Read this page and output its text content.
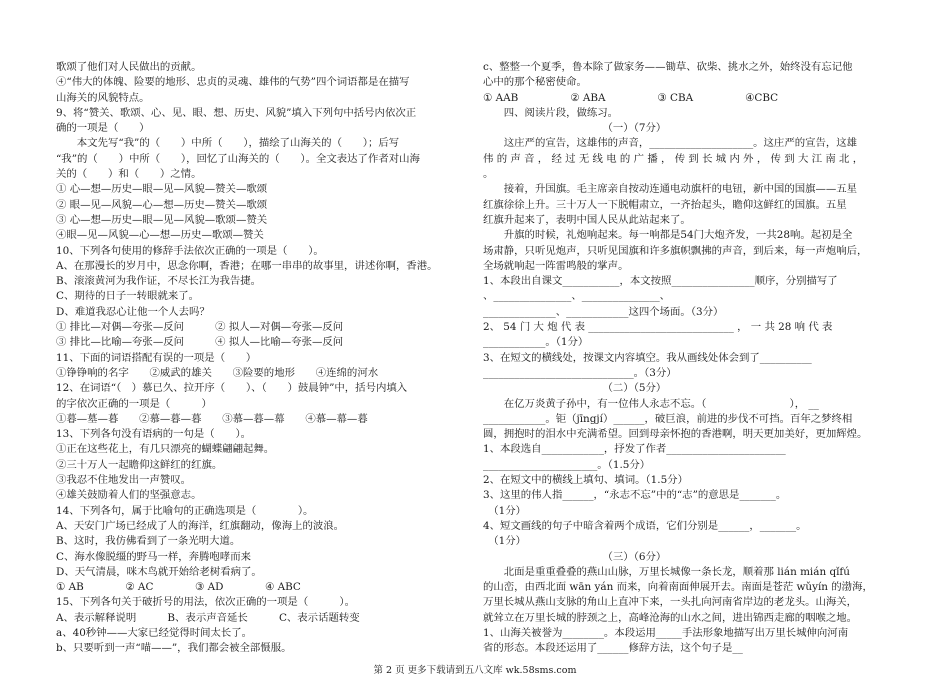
歌颂了他们对人民做出的贡献。
④“伟大的体魄、险要的地形、忠贞的灵魂、雄伟的气势”四个词语都是在描写
山海关的风貌特点。
9、将“赞关、歌颂、心、见、眼、想、历史、风貌”填入下列句中括号内依次正
确的一项是（　　）
　　本文先写“我”的（　　）中所（　　），描绘了山海关的（　　）；后写
“我”的（　　）中所（　　），回忆了山海关的（　　）。全文表达了作者对山海
关的（　　）和（　　）之情。
① 心—想—历史—眼—见—风貌—赞关—歌颂
② 眼—见—风貌—心—想—历史—赞关—歌颂
③ 心—想—历史—眼—见—风貌—歌颂—赞关
④眼—见—风貌—心—想—历史—歌颂—赞关
10、下列各句使用的修辞手法依次正确的一项是（　　）。
A、在那漫长的岁月中，思念你啊，香港；在哪一串串的故事里，讲述你啊，香港。
B、滚滚黄河为我作证，不尽长江为我告捷。
C、期待的日子一转眼就来了。
D、难道我忍心让他一个人去吗？
① 排比—对偶—夸张—反问　　　② 拟人—对偶—夸张—反问
③ 排比—比喻—夸张—反问　　　④ 拟人—比喻—夸张—反问
11、下面的词语搭配有误的一项是（　　）
①铮铮响的名字　　②威武的雄关　　③险要的地形　　④连绵的河水
12、在词语“（　）慕已久、拉开序（　　）、（　　）鼓晨钟”中，括号内填入
的字依次正确的一项是（　　　）
①暮—墓—暮　　②慕—暮—暮　　③慕—暮—幕　　④慕—幕—暮
13、下列各句没有语病的一句是（　　）。
①正在这些花上，有几只漂亮的蝴蝶翩翩起舞。
②三十万人一起瞻仰这鲜红的红旗。
③我忍不住地发出一声赞叹。
④雄关鼓励着人们的坚强意志。
14、下列各句，属于比喻句的正确选项是（　　　　）。
A、天安门广场已经成了人的海洋，红旗翻动，像海上的波浪。
B、这时，我仿佛看到了一条光明大道。
C、海水像脱缰的野马一样，奔腾咆哮而来
D、天气清晨，咪木鸟就开始给老树看病了。
① AB　　　　② AC　　　　③ AD　　　　④ ABC
15、下列各句关于破折号的用法，依次正确的一项是（　　　）。
A、表示解释说明　　　B、表示声音延长　　　C、表示话题转变
a、40秒钟——大家已经觉得时间太长了。
b、只要听到一声“喵——”，我们都会被全部慑服。
c、整整一个夏季，鲁本除了做家务——锄草、砍柴、挑水之外，始终没有忘记他
心中的那个秘密使命。
① AAB　　　　　② ABA　　　　　③ CBA　　　　　④CBC
　　四、阅读片段，做练习。
　　　　　　　　　　　　（一）（7分）
　　这庄严的宣告，这雄伟的声音，____________________。这庄严的宣告，这雄
伟 的 声 音 ， 经 过 无 线 电 的 广 播 ， 传 到 长 城 内 外 ， 传 到 大 江 南 北 ，
。
　　接着，升国旗。毛主席亲自按动连通电动旗杆的电钮，新中国的国旗——五星
红旗徐徐上升。三十万人一下脱帽肃立，一齐抬起头，瞻仰这鲜红的国旗。五星
红旗升起来了，表明中国人民从此站起来了。
　　升旗的时候，礼炮响起来。每一响都是54门大炮齐发，一共28响。起初是全
场肃静，只听见炮声，只听见国旗和许多旗帜飘拂的声音，到后来，每一声炮响后，
全场就响起一阵雷鸣般的掌声。
1、本段出自课文___________，本文按照________________顺序，分别描写了
、_______________、_______________、
______________、____________这四个场面。（3分）
2、 54 门 大 炮 代 表 ____________________________ ， 一 共 28 响 代 表
____________。（1分）
3、在短文的横线处，按课文内容填空。我从画线处体会到了__________
_____________________________。（3分）
　　　　　　　　　　　　（二）（5分）
　　在亿万炎黄子孙中，有一位伟人永志不忘。（　　　　　　　　）， __
____________。钜（jīngjí）______，破巨浪，前进的步伐不可挡。百年之梦终相
圆，拥抱时的泪水中充满希望。回到母亲怀抱的香港啊，明天更加美好，更加辉煌。
1、本段选自____________，抒发了作者_______________________
______________________。（1.5分）
2、在短文中的横线上填句、填词。（1.5分）
3、这里的伟人指______，“永志不忘”中的“志”的意思是_______。
　（1分）
4、短文画线的句子中暗含着两个成语，它们分别是______，_______。
　（1分）
　　　　　　　　　　　　（三）（6分）
　　北面是重重叠叠的燕山山脉，万里长城像一条长龙，顺着那 lián mián qǐfú
的山峦，由西北面 wān yán 而来，向着南面伸展开去。南面是苍茫 wǔyín 的渤海，
万里长城从燕山支脉的角山上直冲下来，一头扎向河南省岸边的老龙头。山海关，
就耸立在万里长城的脖颈之上，高峰沧海的山水之间，进出锦西走廊的咽喉之地。
1、山海关被誉为________。本段运用_____手法形象地描写出万里长城伸向河南
省的形态。本段还运用了______修辞方法，这个句子是__
第 2 页 更多下载请到五八文库 wk.58sms.com
